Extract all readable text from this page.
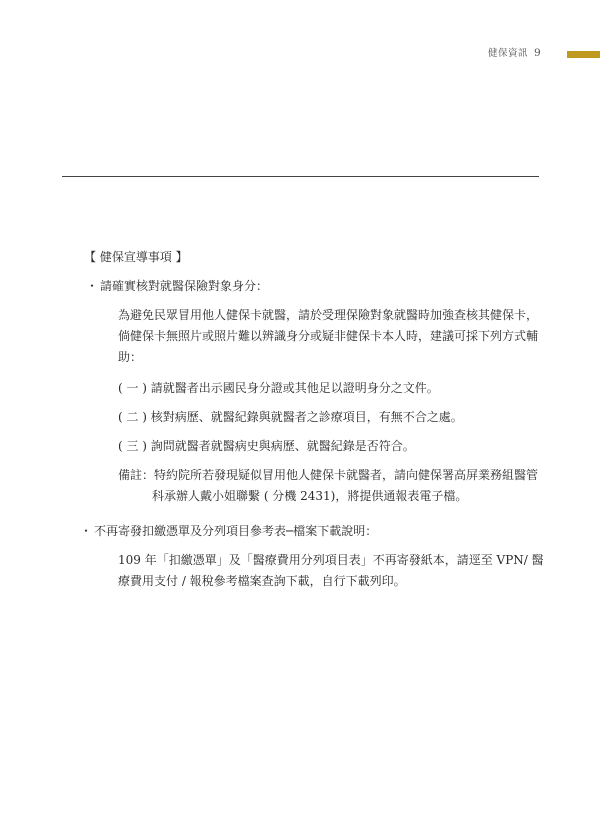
健保資訊 9
【 健保宣導事項 】
・ 請確實核對就醫保險對象身分：
為避免民眾冒用他人健保卡就醫，請於受理保險對象就醫時加強查核其健保卡，
倘健保卡無照片或照片難以辨識身分或疑非健保卡本人時，建議可採下列方式輔
助：
( 一 ) 請就醫者出示國民身分證或其他足以證明身分之文件。
( 二 ) 核對病歷、就醫紀錄與就醫者之診療項目，有無不合之處。
( 三 ) 詢問就醫者就醫病史與病歷、就醫紀錄是否符合。
備註：特約院所若發現疑似冒用他人健保卡就醫者，請向健保署高屏業務組醫管
科承辦人戴小姐聯繫 ( 分機 2431)，將提供通報表電子檔。
・ 不再寄發扣繳憑單及分列項目參考表─檔案下載說明：
109 年「扣繳憑單」及「醫療費用分列項目表」不再寄發紙本，請逕至 VPN/ 醫
療費用支付 / 報稅參考檔案查詢下載，自行下載列印。
